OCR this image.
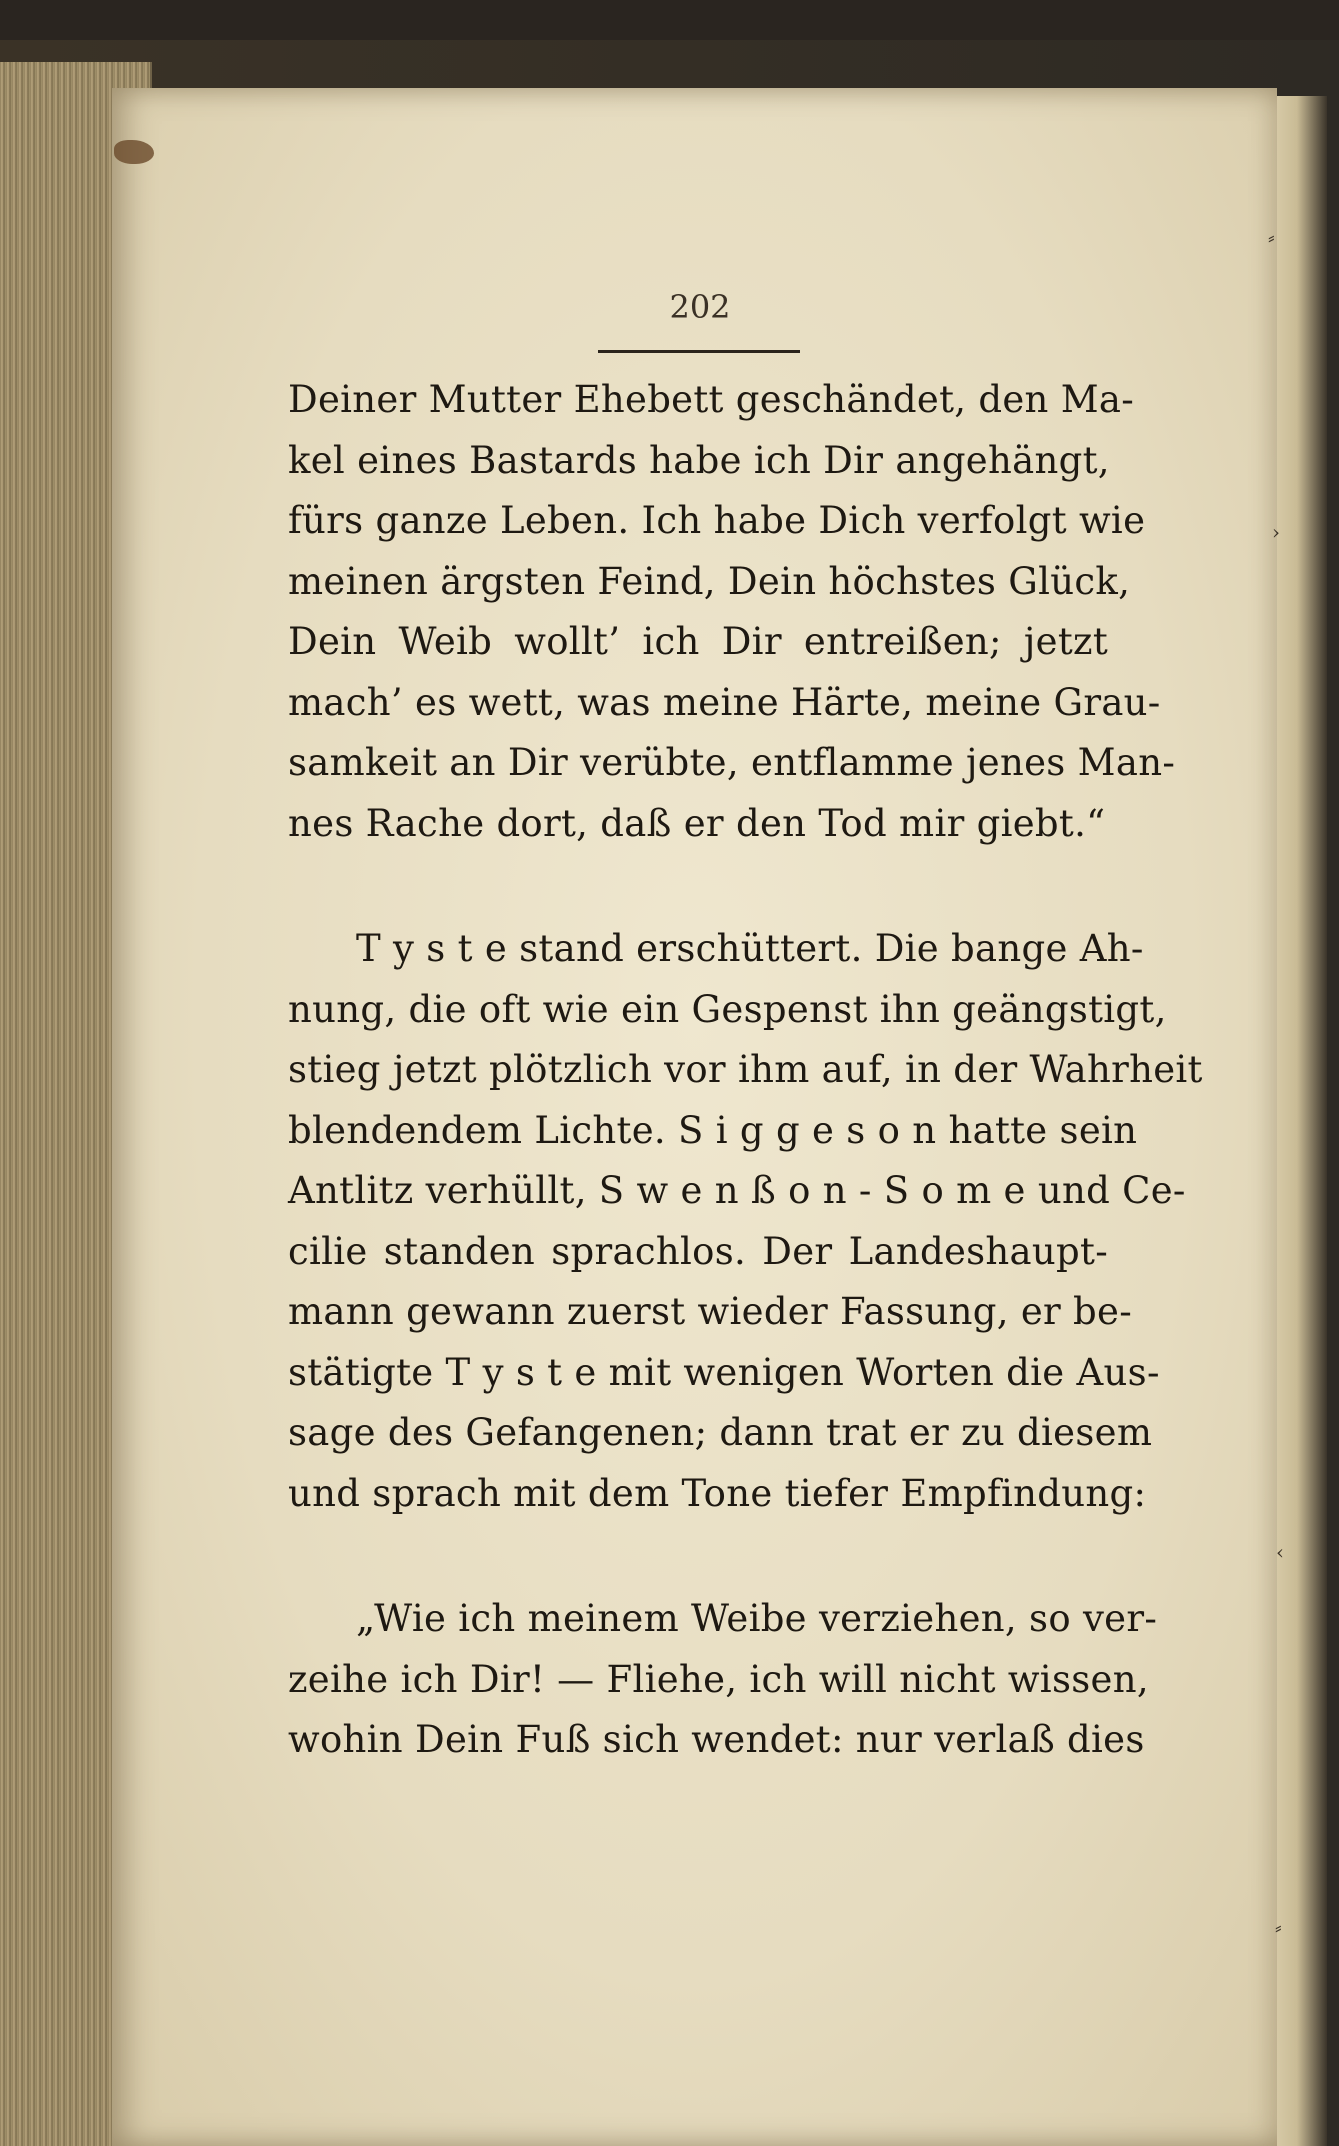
202
Deiner Mutter Ehebett geschändet, den Ma-
kel eines Bastards habe ich Dir angehängt,
fürs ganze Leben. Ich habe Dich verfolgt wie
meinen ärgsten Feind, Dein höchstes Glück,
Dein Weib wollt’ ich Dir entreißen; jetzt
mach’ es wett, was meine Härte, meine Grau-
samkeit an Dir verübte, entflamme jenes Man-
nes Rache dort, daß er den Tod mir giebt.“
T y s t e stand erschüttert. Die bange Ah-
nung, die oft wie ein Gespenst ihn geängstigt,
stieg jetzt plötzlich vor ihm auf, in der Wahrheit
blendendem Lichte. S i g g e s o n hatte sein
Antlitz verhüllt, S w e n ß o n - S o m e und Ce-
cilie standen sprachlos. Der Landeshaupt-
mann gewann zuerst wieder Fassung, er be-
stätigte T y s t e mit wenigen Worten die Aus-
sage des Gefangenen; dann trat er zu diesem
und sprach mit dem Tone tiefer Empfindung:
„Wie ich meinem Weibe verziehen, so ver-
zeihe ich Dir! — Fliehe, ich will nicht wissen,
wohin Dein Fuß sich wendet: nur verlaß dies
⸗
›
‹
⸗
